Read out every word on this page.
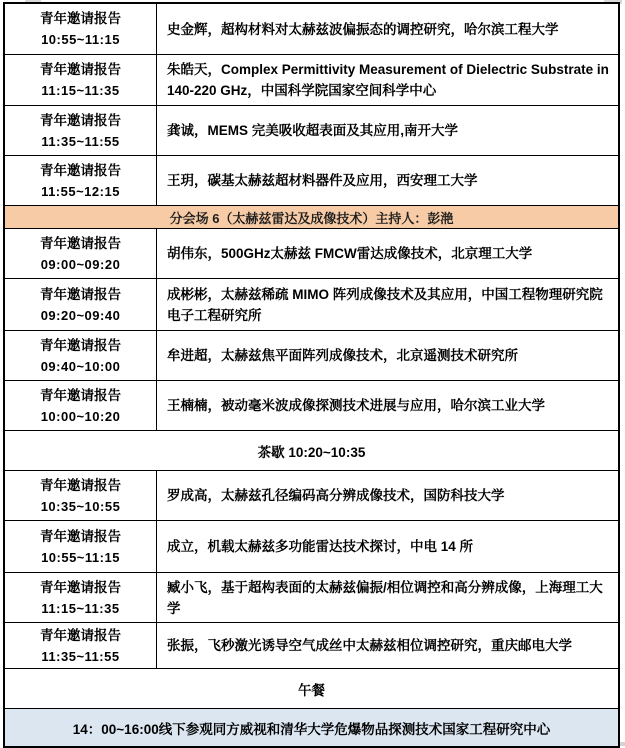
青年邀请报告
10:55~11:15
史金辉，超构材料对太赫兹波偏振态的调控研究，哈尔滨工程大学
青年邀请报告
11:15~11:35
朱皓天，Complex Permittivity Measurement of Dielectric Substrate in 140-220 GHz，中国科学院国家空间科学中心
青年邀请报告
11:35~11:55
龚诚，MEMS 完美吸收超表面及其应用,南开大学
青年邀请报告
11:55~12:15
王玥，碳基太赫兹超材料器件及应用，西安理工大学
分会场 6（太赫兹雷达及成像技术）主持人：彭滟
青年邀请报告
09:00~09:20
胡伟东，500GHz太赫兹 FMCW雷达成像技术，北京理工大学
青年邀请报告
09:20~09:40
成彬彬，太赫兹稀疏 MIMO 阵列成像技术及其应用，中国工程物理研究院电子工程研究所
青年邀请报告
09:40~10:00
牟进超，太赫兹焦平面阵列成像技术，北京遥测技术研究所
青年邀请报告
10:00~10:20
王楠楠，被动毫米波成像探测技术进展与应用，哈尔滨工业大学
茶歇 10:20~10:35
青年邀请报告
10:35~10:55
罗成高，太赫兹孔径编码高分辨成像技术，国防科技大学
青年邀请报告
10:55~11:15
成立，机载太赫兹多功能雷达技术探讨，中电 14 所
青年邀请报告
11:15~11:35
臧小飞，基于超构表面的太赫兹偏振/相位调控和高分辨成像，上海理工大学
青年邀请报告
11:35~11:55
张振，飞秒激光诱导空气成丝中太赫兹相位调控研究，重庆邮电大学
午餐
14：00~16:00线下参观同方威视和清华大学危爆物品探测技术国家工程研究中心
